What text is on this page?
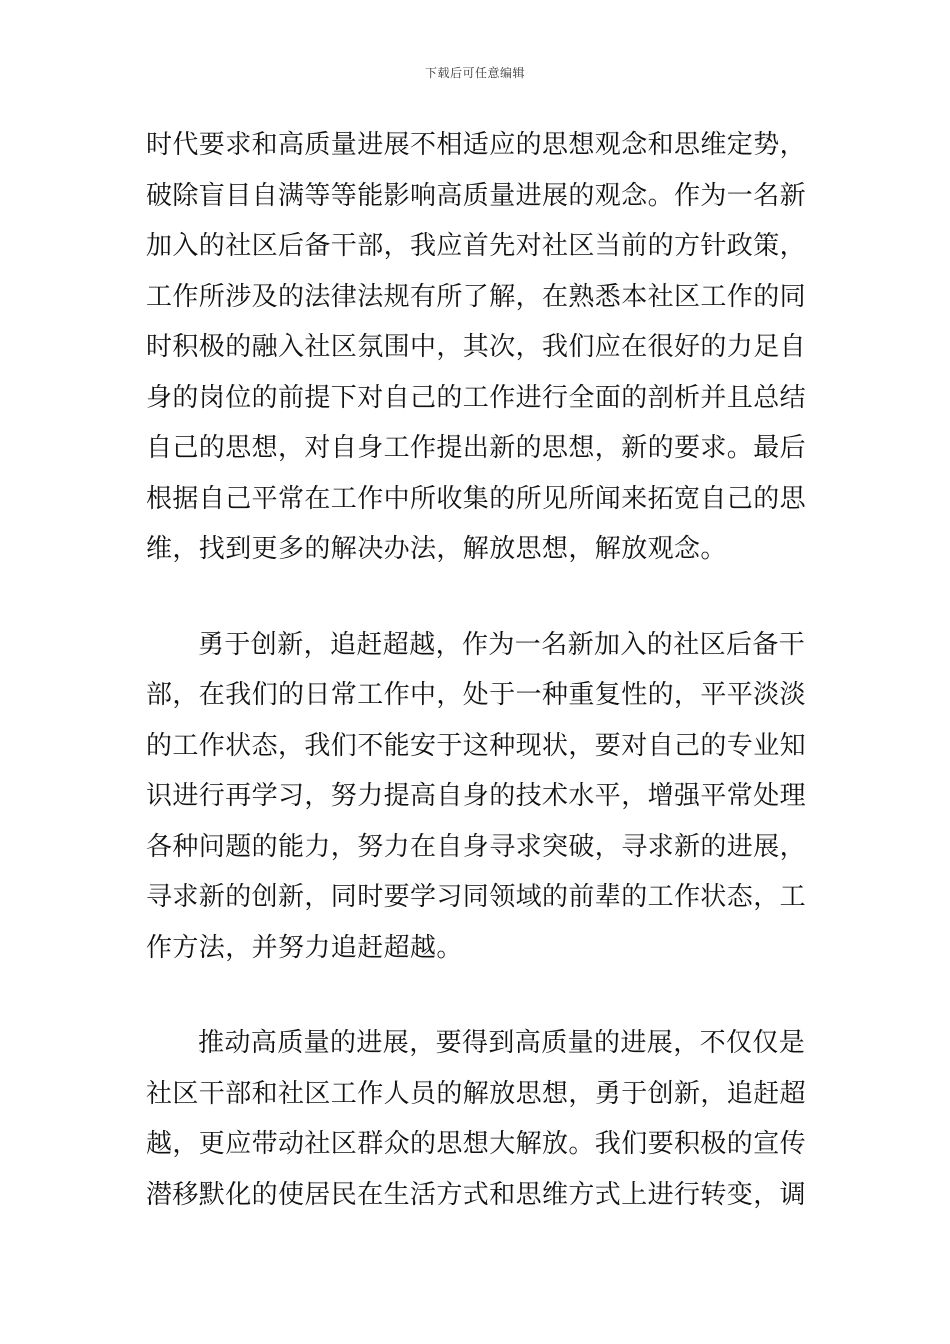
下载后可任意编辑
时代要求和高质量进展不相适应的思想观念和思维定势，
破除盲目自满等等能影响高质量进展的观念。作为一名新
加入的社区后备干部，我应首先对社区当前的方针政策，
工作所涉及的法律法规有所了解，在熟悉本社区工作的同
时积极的融入社区氛围中，其次，我们应在很好的力足自
身的岗位的前提下对自己的工作进行全面的剖析并且总结
自己的思想，对自身工作提出新的思想，新的要求。最后
根据自己平常在工作中所收集的所见所闻来拓宽自己的思
维，找到更多的解决办法，解放思想，解放观念。
勇于创新，追赶超越，作为一名新加入的社区后备干
部，在我们的日常工作中，处于一种重复性的，平平淡淡
的工作状态，我们不能安于这种现状，要对自己的专业知
识进行再学习，努力提高自身的技术水平，增强平常处理
各种问题的能力，努力在自身寻求突破，寻求新的进展，
寻求新的创新，同时要学习同领域的前辈的工作状态，工
作方法，并努力追赶超越。
推动高质量的进展，要得到高质量的进展，不仅仅是
社区干部和社区工作人员的解放思想，勇于创新，追赶超
越，更应带动社区群众的思想大解放。我们要积极的宣传
潜移默化的使居民在生活方式和思维方式上进行转变，调
